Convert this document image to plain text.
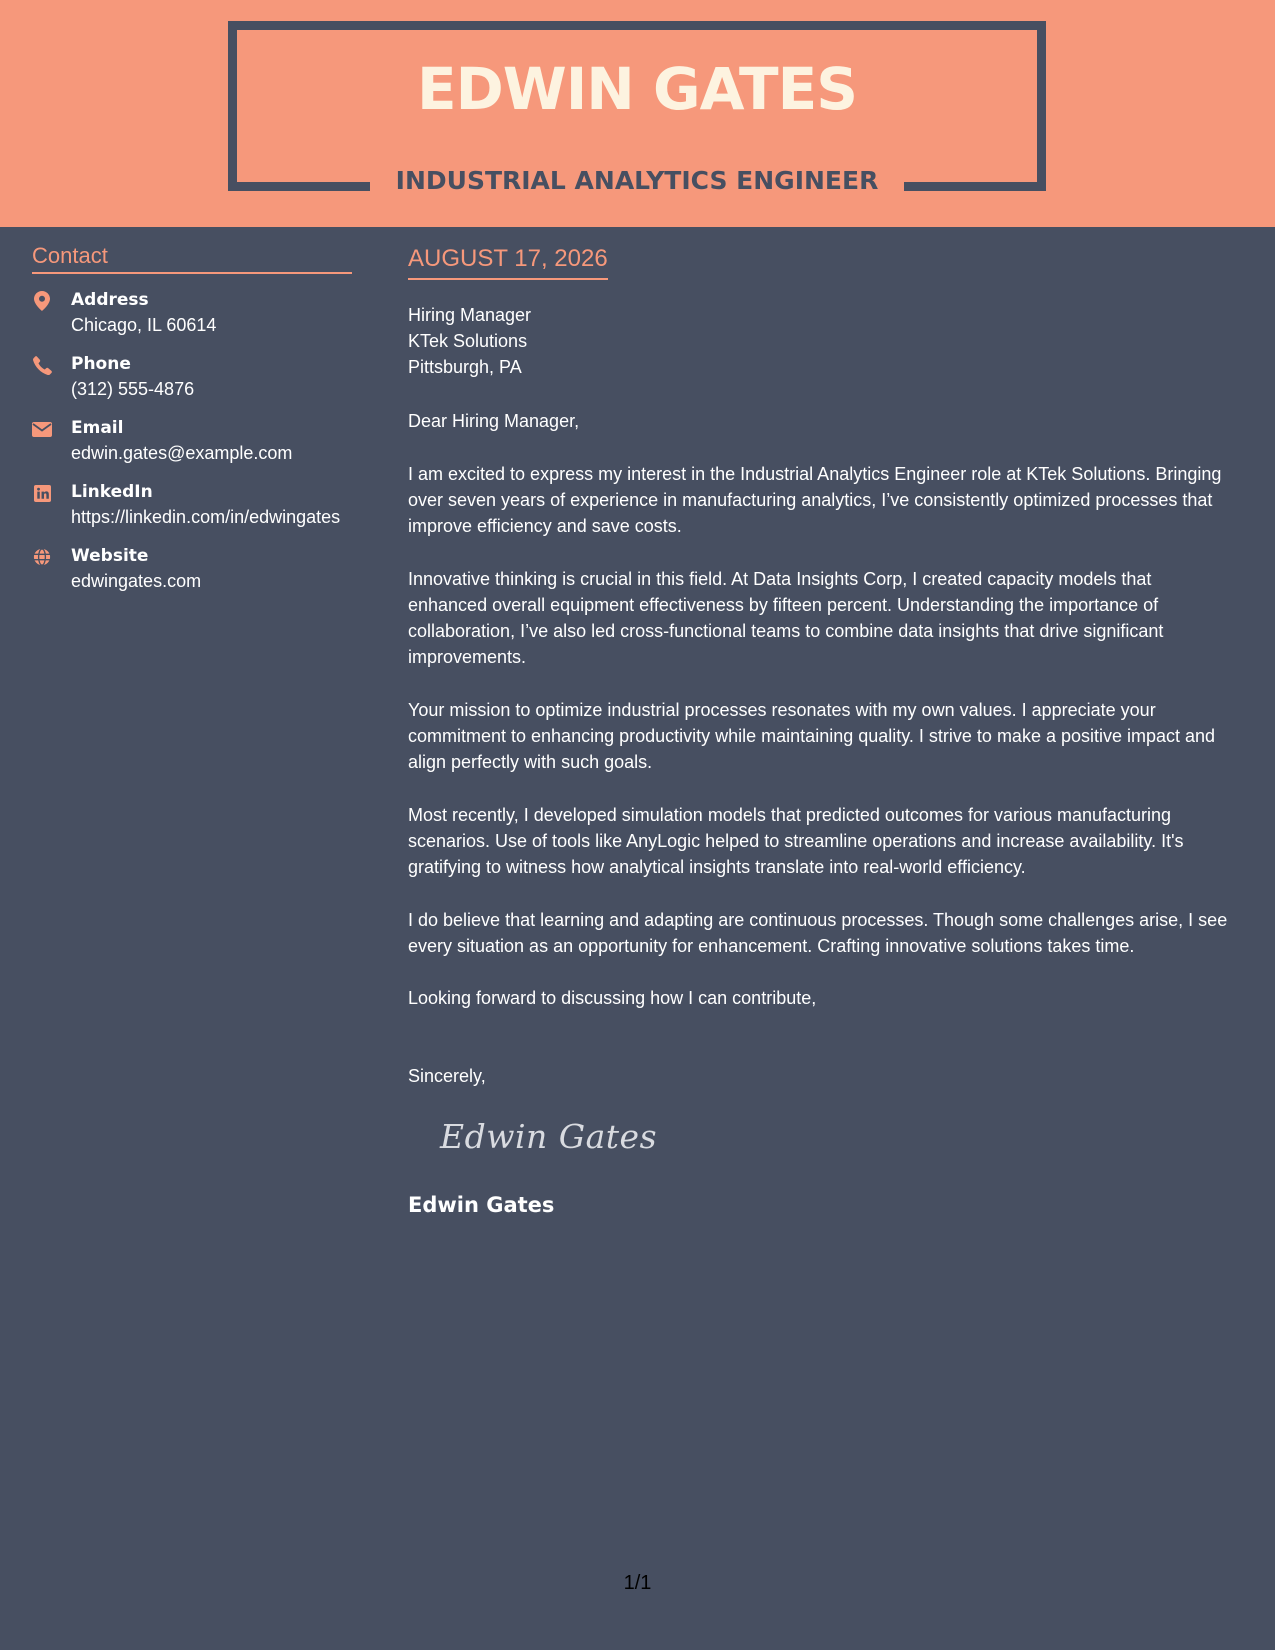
EDWIN GATES
INDUSTRIAL ANALYTICS ENGINEER
Contact
Address
Chicago, IL 60614
Phone
(312) 555-4876
Email
edwin.gates@example.com
LinkedIn
https://linkedin.com/in/edwingates
Website
edwingates.com
AUGUST 17, 2026
Hiring Manager
KTek Solutions
Pittsburgh, PA

Dear Hiring Manager,

I am excited to express my interest in the Industrial Analytics Engineer role at KTek Solutions. Bringing over seven years of experience in manufacturing analytics, I’ve consistently optimized processes that improve efficiency and save costs.

Innovative thinking is crucial in this field. At Data Insights Corp, I created capacity models that enhanced overall equipment effectiveness by fifteen percent. Understanding the importance of collaboration, I’ve also led cross-functional teams to combine data insights that drive significant improvements.

Your mission to optimize industrial processes resonates with my own values. I appreciate your commitment to enhancing productivity while maintaining quality. I strive to make a positive impact and align perfectly with such goals.

Most recently, I developed simulation models that predicted outcomes for various manufacturing scenarios. Use of tools like AnyLogic helped to streamline operations and increase availability. It's gratifying to witness how analytical insights translate into real-world efficiency.

I do believe that learning and adapting are continuous processes. Though some challenges arise, I see every situation as an opportunity for enhancement. Crafting innovative solutions takes time.

Looking forward to discussing how I can contribute,

Sincerely,

Edwin Gates
Edwin Gates
1/1
